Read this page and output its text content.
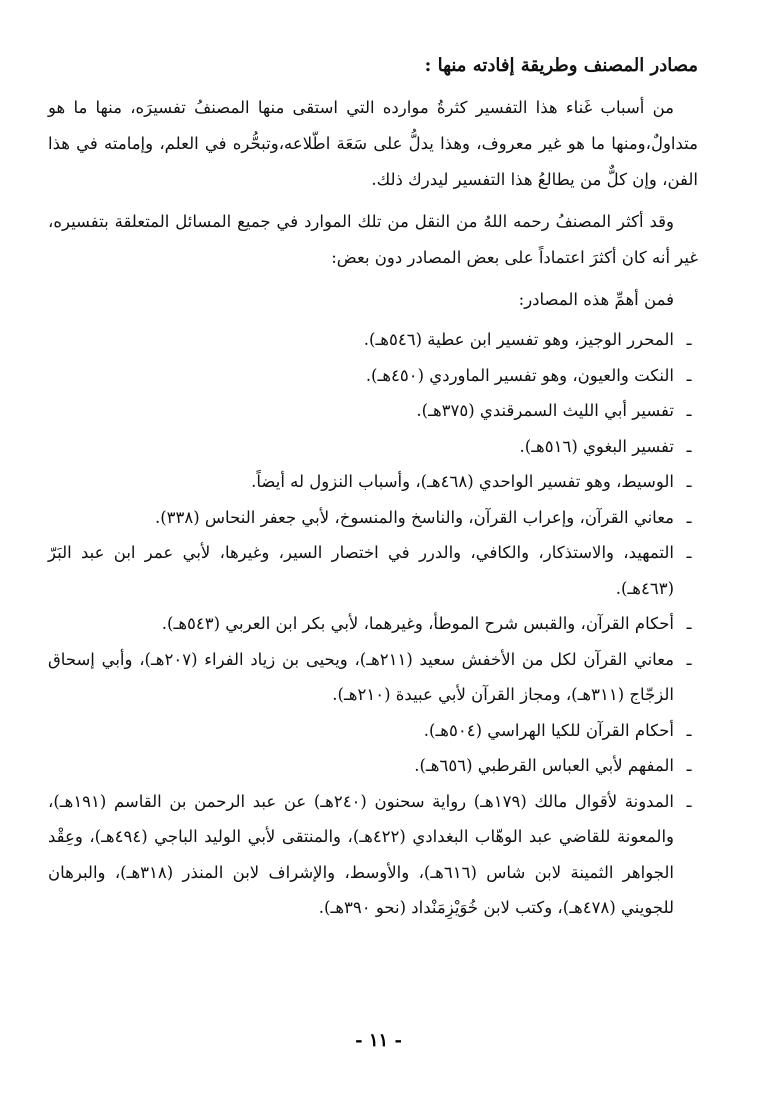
مصادر المصنف وطريقة إفادته منها :

من أسباب غَناء هذا التفسير كثرةُ موارده التي استقى منها المصنفُ تفسيرَه، منها ما هو متداولٌ،ومنها ما هو غير معروف، وهذا يدلُّ على سَعَة اطّلاعه،وتبحُّره في العلم، وإمامته في هذا الفن، وإن كلٌّ من يطالعُ هذا التفسير ليدرك ذلك.

وقد أكثر المصنفُ رحمه اللهُ من النقل من تلك الموارد في جميع المسائل المتعلقة بتفسيره، غير أنه كان أكثرَ اعتماداً على بعض المصادر دون بعض:

فمن أهمِّ هذه المصادر:

ـ
المحرر الوجيز، وهو تفسير ابن عطية (٥٤٦هـ).
ـ
النكت والعيون، وهو تفسير الماوردي (٤٥٠هـ).
ـ
تفسير أبي الليث السمرقندي (٣٧٥هـ).
ـ
تفسير البغوي (٥١٦هـ).
ـ
الوسيط، وهو تفسير الواحدي (٤٦٨هـ)، وأسباب النزول له أيضاً.
ـ
معاني القرآن، وإعراب القرآن، والناسخ والمنسوخ، لأبي جعفر النحاس (٣٣٨).
ـ
التمهيد، والاستذكار، والكافي، والدرر في اختصار السير، وغيرها، لأبي عمر ابن عبد البَرّ (٤٦٣هـ).
ـ
أحكام القرآن، والقبس شرح الموطأ، وغيرهما، لأبي بكر ابن العربي (٥٤٣هـ).
ـ
معاني القرآن لكل من الأخفش سعيد (٢١١هـ)، ويحيى بن زياد الفراء (٢٠٧هـ)، وأبي إسحاق الزجّاج (٣١١هـ)، ومجاز القرآن لأبي عبيدة (٢١٠هـ).
ـ
أحكام القرآن للكيا الهراسي (٥٠٤هـ).
ـ
المفهم لأبي العباس القرطبي (٦٥٦هـ).
ـ
المدونة لأقوال مالك (١٧٩هـ) رواية سحنون (٢٤٠هـ) عن عبد الرحمن بن القاسم (١٩١هـ)، والمعونة للقاضي عبد الوهّاب البغدادي (٤٢٢هـ)، والمنتقى لأبي الوليد الباجي (٤٩٤هـ)، وعِقْد الجواهر الثمينة لابن شاس (٦١٦هـ)، والأوسط، والإشراف لابن المنذر (٣١٨هـ)، والبرهان للجويني (٤٧٨هـ)، وكتب لابن خُوَيْزِمَنْداد (نحو ٣٩٠هـ).
- ١١ -
